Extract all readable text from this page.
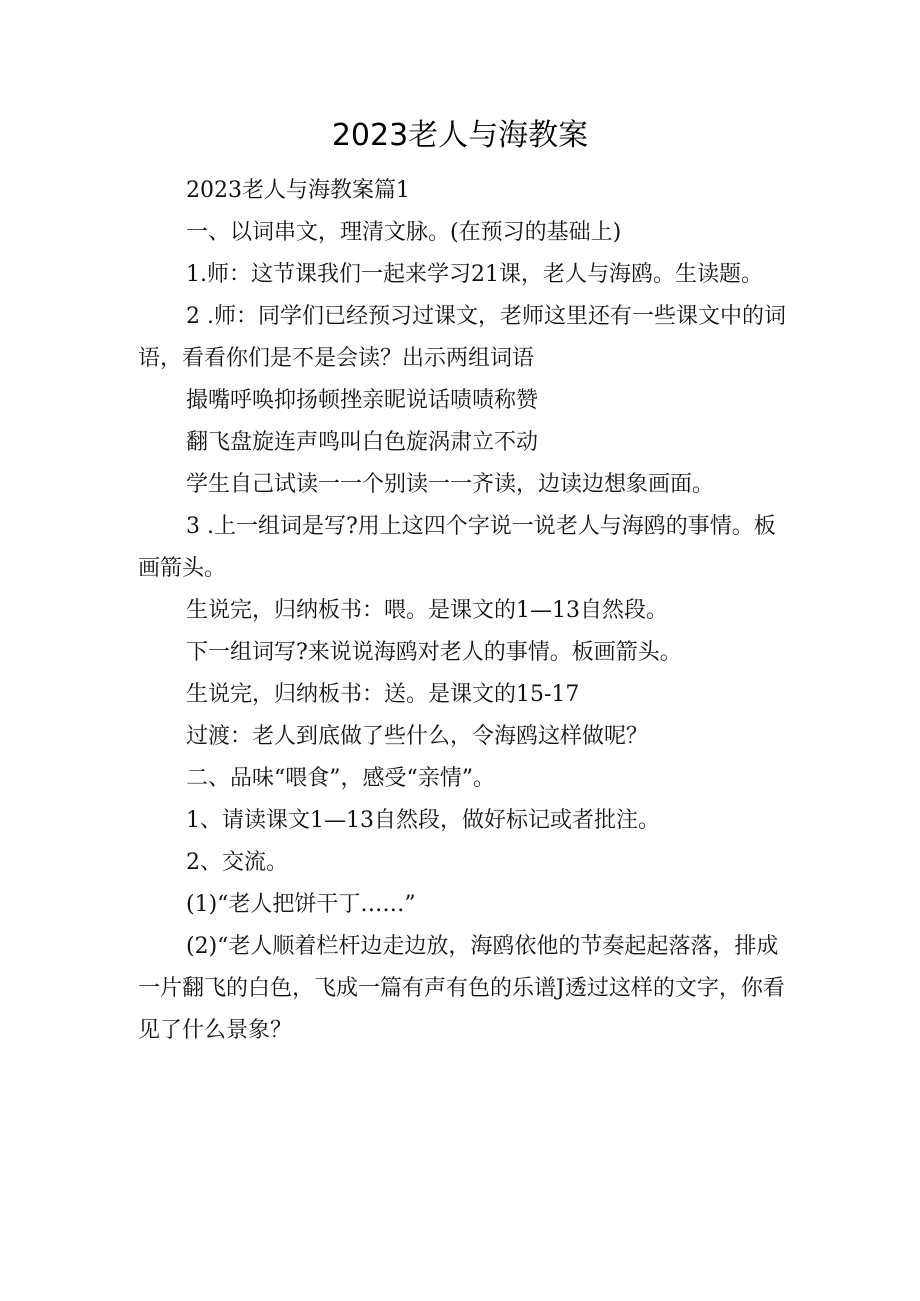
2023老人与海教案

2023老人与海教案篇1

一、以词串文，理清文脉。(在预习的基础上)

1.师：这节课我们一起来学习21课，老人与海鸥。生读题。

2 .师：同学们已经预习过课文，老师这里还有一些课文中的词语，看看你们是不是会读？出示两组词语

撮嘴呼唤抑扬顿挫亲昵说话啧啧称赞

翻飞盘旋连声鸣叫白色旋涡肃立不动

学生自己试读一一个别读一一齐读，边读边想象画面。

3 .上一组词是写?用上这四个字说一说老人与海鸥的事情。板画箭头。

生说完，归纳板书：喂。是课文的1—13自然段。

下一组词写?来说说海鸥对老人的事情。板画箭头。

生说完，归纳板书：送。是课文的15-17

过渡：老人到底做了些什么，令海鸥这样做呢？

二、品味“喂食”，感受“亲情”。

1、请读课文1—13自然段，做好标记或者批注。

2、交流。

(1)“老人把饼干丁……”

(2)“老人顺着栏杆边走边放，海鸥依他的节奏起起落落，排成一片翻飞的白色，飞成一篇有声有色的乐谱J透过这样的文字，你看见了什么景象？
